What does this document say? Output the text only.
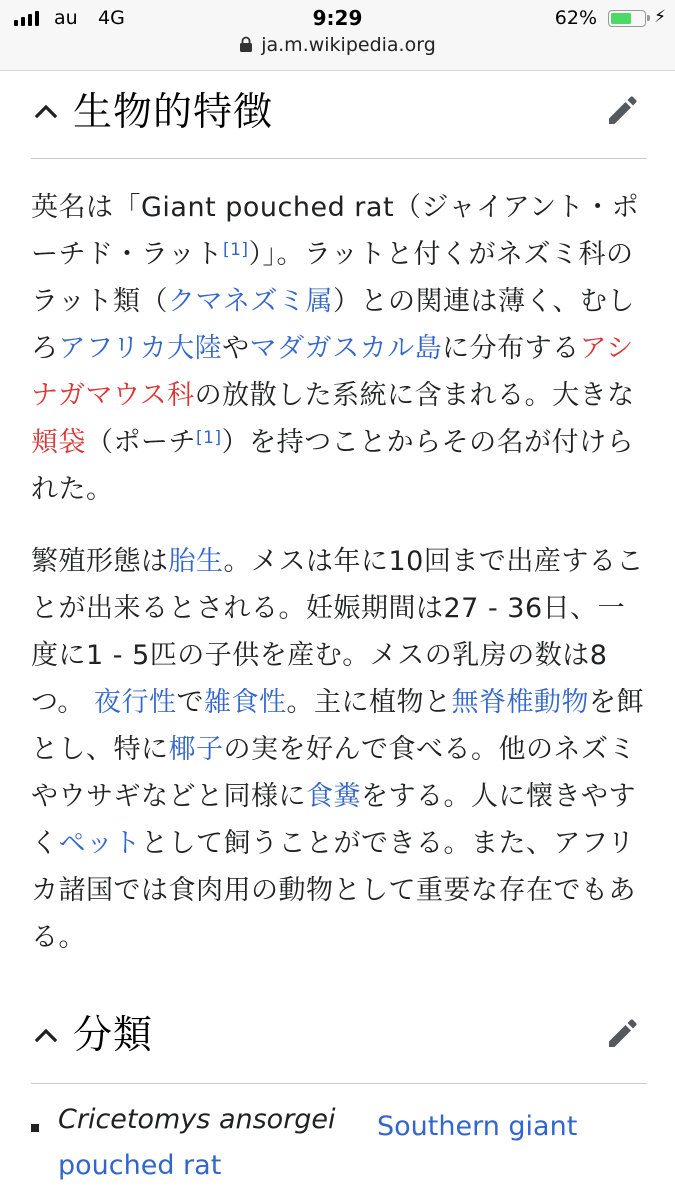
au 4G	9:29	62%	⚡︎
ja.m.wikipedia.org
生物的特徴

英名は「Giant pouched rat（ジャイアント・ポーチド・ラット[1]）」。ラットと付くがネズミ科のラット類（クマネズミ属）との関連は薄く、むしろアフリカ大陸やマダガスカル島に分布するアシナガマウス科の放散した系統に含まれる。大きな頬袋（ポーチ[1]）を持つことからその名が付けられた。

繁殖形態は胎生。メスは年に10回まで出産することが出来るとされる。妊娠期間は27 - 36日、一度に1 - 5匹の子供を産む。メスの乳房の数は8つ。 夜行性で雑食性。主に植物と無脊椎動物を餌とし、特に椰子の実を好んで食べる。他のネズミやウサギなどと同様に食糞をする。人に懐きやすくペットとして飼うことができる。また、アフリカ諸国では食肉用の動物として重要な存在でもある。

分類
Cricetomys ansorgei Southern giant
pouched rat
